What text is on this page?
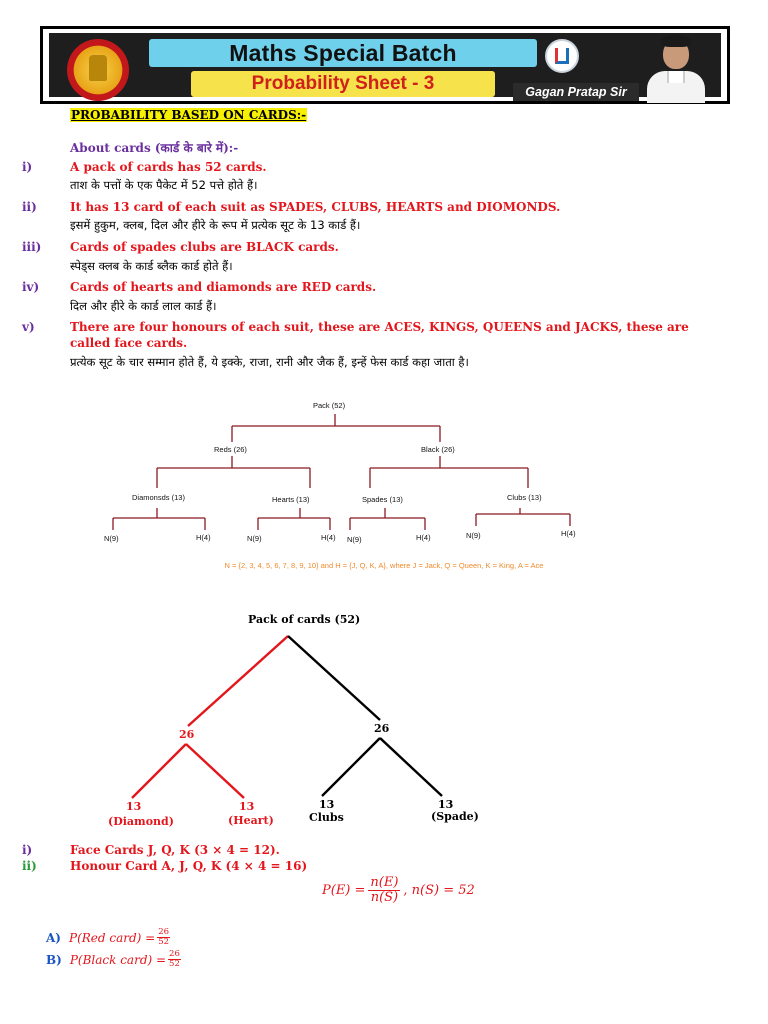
Maths Special Batch
Probability Sheet - 3	Gagan Pratap Sir
PROBABILITY BASED ON CARDS:-
About cards (कार्ड के बारे में):-
i)	A pack of cards has 52 cards.
ताश के पत्तों के एक पैकेट में 52 पत्ते होते हैं।
ii)	It has 13 card of each suit as SPADES, CLUBS, HEARTS and DIOMONDS.
इसमें हुकुम, क्लब, दिल और हीरे के रूप में प्रत्येक सूट के 13 कार्ड हैं।
iii) Cards of spades clubs are BLACK cards.
स्पेड्स क्लब के कार्ड ब्लैक कार्ड होते हैं।
iv)	Cards of hearts and diamonds are RED cards.
दिल और हीरे के कार्ड लाल कार्ड हैं।
v)	There are four honours of each suit, these are ACES, KINGS, QUEENS and JACKS, these are
called face cards.
प्रत्येक सूट के चार सम्मान होते हैं, ये इक्के, राजा, रानी और जैक हैं, इन्हें फेस कार्ड कहा जाता है।
Pack (52)
Reds (26)	Black (26)
Diamonsds (13)	Hearts (13)	Spades (13)	Clubs (13)
N(9)	H(4)	N(9)	H(4) N(9)	H(4)	N(9)	H(4)
N = {2, 3, 4, 5, 6, 7, 8, 9, 10} and H = {J, Q, K, A}, where J = Jack, Q = Queen, K = King, A = Ace
Pack of cards (52)
26	26
13
(Diamond)
13
(Heart)
13
Clubs
13
(Spade)
i)	Face Cards J, Q, K (3 × 4 = 12).
ii)	Honour Card A, J, Q, K (4 × 4 = 16)
$P(E) = \frac{n(E)}{n(S)}$ , n(S) = 52
A) P(Red card) = $\frac{26}{52}$
B) P(Black card) = $\frac{26}{52}$
